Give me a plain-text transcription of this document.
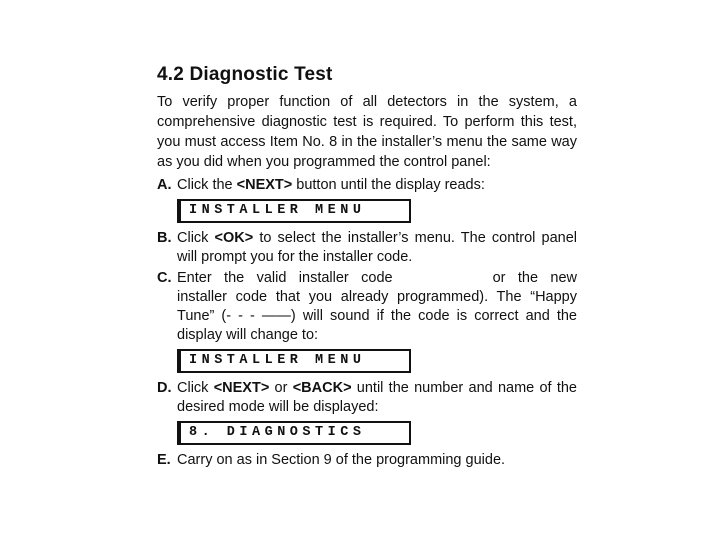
4.2 Diagnostic Test

To verify proper function of all detectors in the system, a comprehensive diagnostic test is required. To perform this test, you must access Item No. 8 in the installer’s menu the same way as you did when you programmed the control panel:

A. Click the <NEXT> button until the display reads:
INSTALLER MENU
B. Click <OK> to select the installer’s menu. The control panel will prompt you for the installer code.
C. Enter the valid installer code	or the new installer code that you already programmed). The “Happy Tune” (- - - ——) will sound if the code is correct and the display will change to:
INSTALLER MENU
D. Click <NEXT> or <BACK> until the number and name of the desired mode will be displayed:
8. DIAGNOSTICS
E. Carry on as in Section 9 of the programming guide.
